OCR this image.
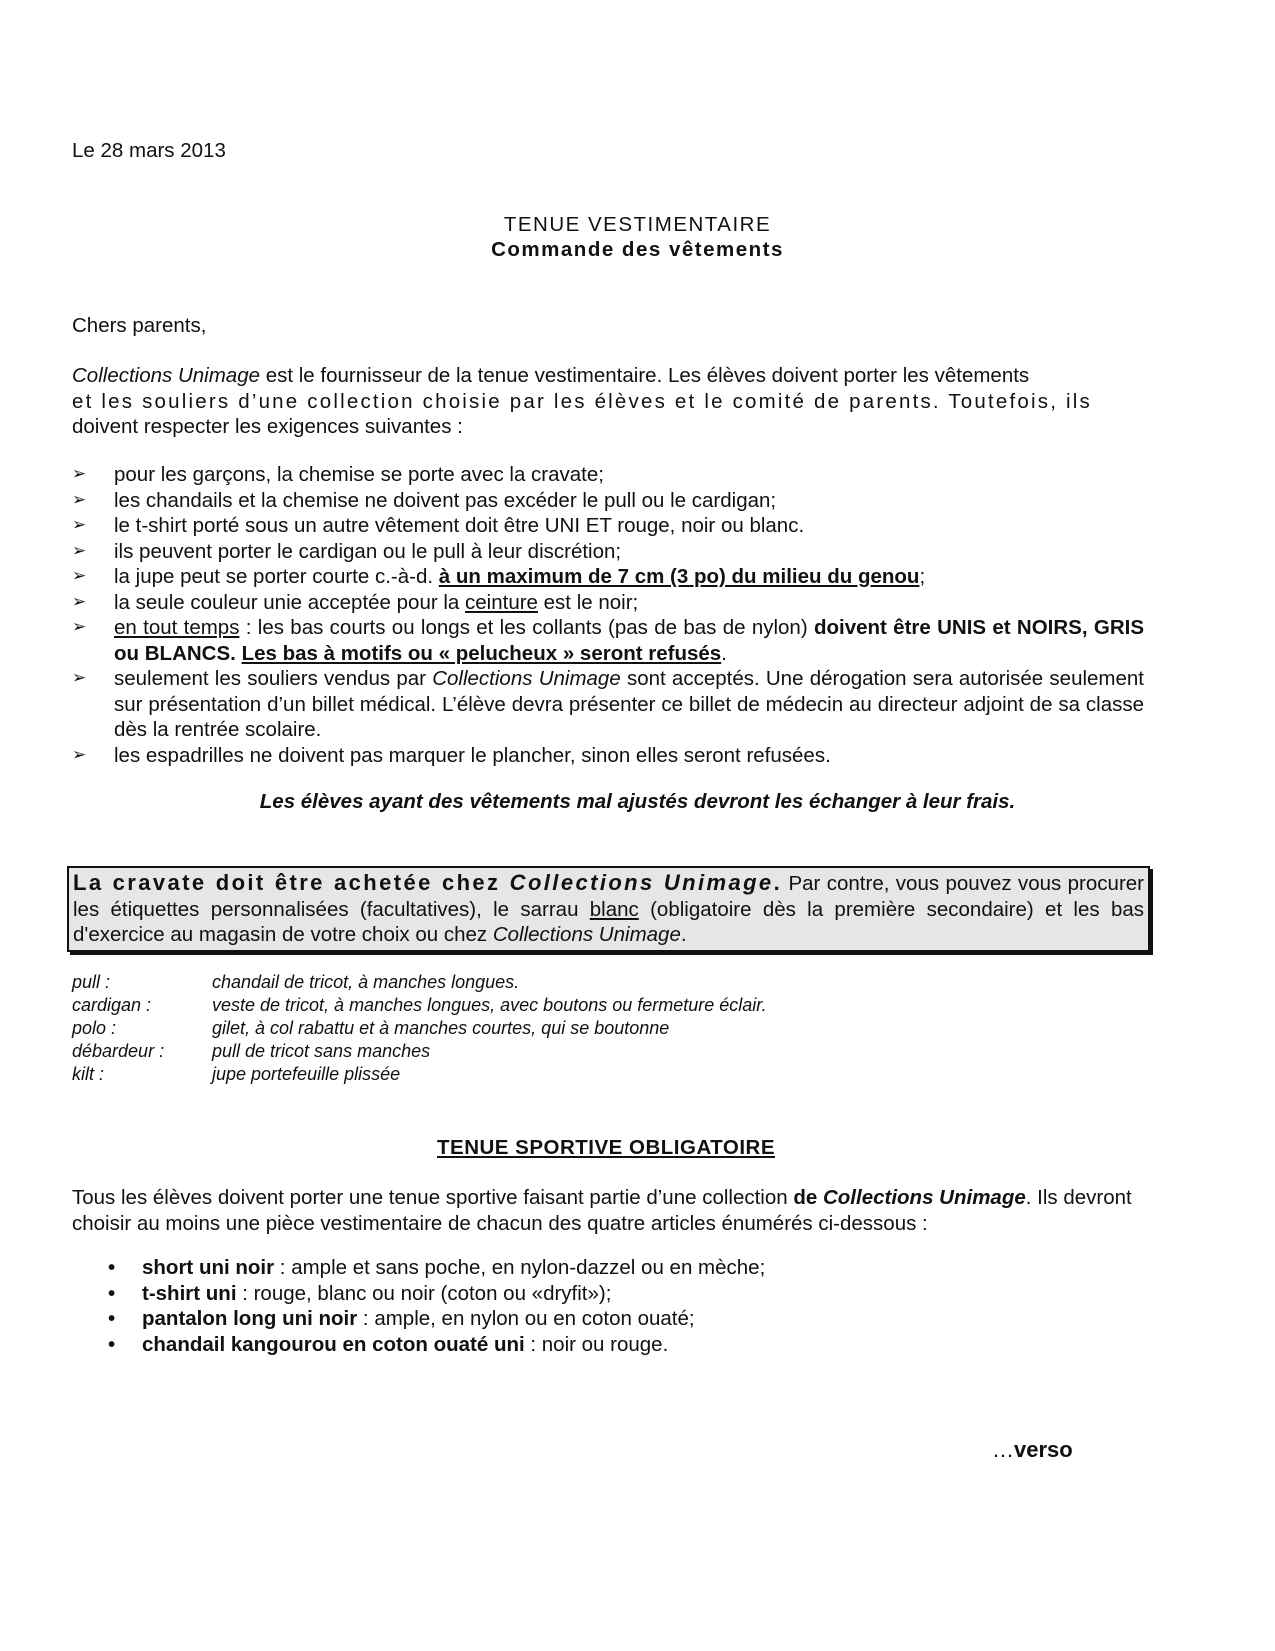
Le 28 mars 2013
TENUE VESTIMENTAIRE
Commande des vêtements
Chers parents,
Collections Unimage est le fournisseur de la tenue vestimentaire. Les élèves doivent porter les vêtements
et les souliers d’une collection choisie par les élèves et le comité de parents. Toutefois, ils
doivent respecter les exigences suivantes :
➢ pour les garçons, la chemise se porte avec la cravate;
➢ les chandails et la chemise ne doivent pas excéder le pull ou le cardigan;
➢ le t-shirt porté sous un autre vêtement doit être UNI ET rouge, noir ou blanc.
➢ ils peuvent porter le cardigan ou le pull à leur discrétion;
➢ la jupe peut se porter courte c.-à-d. à un maximum de 7 cm (3 po) du milieu du genou;
➢ la seule couleur unie acceptée pour la ceinture est le noir;
➢ en tout temps : les bas courts ou longs et les collants (pas de bas de nylon) doivent être UNIS et NOIRS, GRIS ou BLANCS. Les bas à motifs ou « pelucheux » seront refusés.
➢ seulement les souliers vendus par Collections Unimage sont acceptés. Une dérogation sera autorisée seulement sur présentation d’un billet médical. L’élève devra présenter ce billet de médecin au directeur adjoint de sa classe dès la rentrée scolaire.
➢ les espadrilles ne doivent pas marquer le plancher, sinon elles seront refusées.
Les élèves ayant des vêtements mal ajustés devront les échanger à leur frais.
La cravate doit être achetée chez Collections Unimage. Par contre, vous pouvez vous procurer les étiquettes personnalisées (facultatives), le sarrau blanc (obligatoire dès la première secondaire) et les bas d'exercice au magasin de votre choix ou chez Collections Unimage.
pull :	chandail de tricot, à manches longues.
cardigan :	veste de tricot, à manches longues, avec boutons ou fermeture éclair.
polo :	gilet, à col rabattu et à manches courtes, qui se boutonne
débardeur :	pull de tricot sans manches
kilt :	jupe portefeuille plissée
TENUE SPORTIVE OBLIGATOIRE
Tous les élèves doivent porter une tenue sportive faisant partie d’une collection de Collections Unimage. Ils devront choisir au moins une pièce vestimentaire de chacun des quatre articles énumérés ci-dessous :
• short uni noir : ample et sans poche, en nylon-dazzel ou en mèche;
• t-shirt uni : rouge, blanc ou noir (coton ou «dryfit»);
• pantalon long uni noir : ample, en nylon ou en coton ouaté;
• chandail kangourou en coton ouaté uni : noir ou rouge.
…verso
